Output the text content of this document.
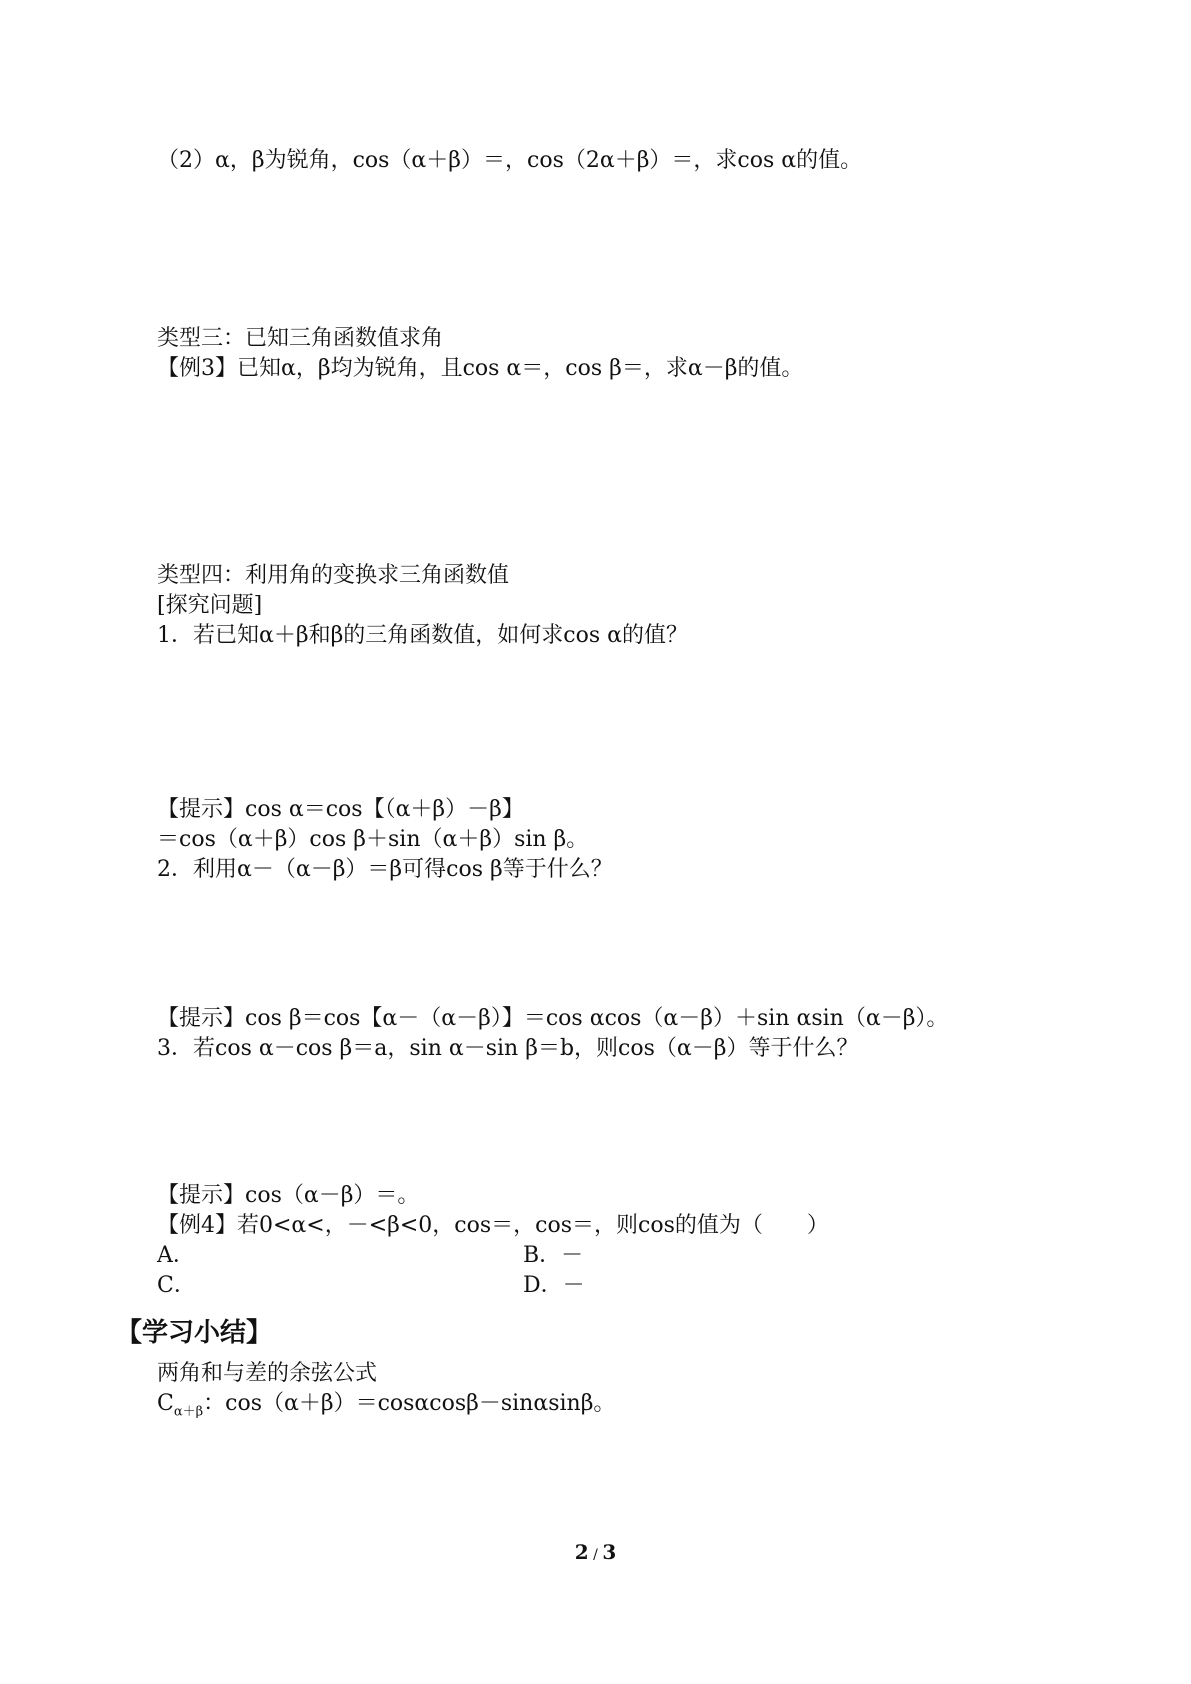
（2）α，β为锐角，cos（α＋β）＝，cos（2α＋β）＝，求cos α的值。
类型三：已知三角函数值求角
【例3】已知α，β均为锐角，且cos α＝，cos β＝，求α－β的值。
类型四：利用角的变换求三角函数值
[探究问题]
1．若已知α＋β和β的三角函数值，如何求cos α的值？
【提示】cos α＝cos【（α＋β）－β】
＝cos（α＋β）cos β＋sin（α＋β）sin β。
2．利用α－（α－β）＝β可得cos β等于什么？
【提示】cos β＝cos【α－（α－β）】＝cos αcos（α－β）＋sin αsin（α－β）。
3．若cos α－cos β＝a，sin α－sin β＝b，则cos（α－β）等于什么？
【提示】cos（α－β）＝。
【例4】若0<α<，－<β<0，cos＝，cos＝，则cos的值为（　　）
A．	B．－
C．	D．－
【学习小结】
两角和与差的余弦公式
$C_{\alpha+\beta}$：cos（α＋β）＝cosαcosβ－sinαsinβ。
2 / 3
